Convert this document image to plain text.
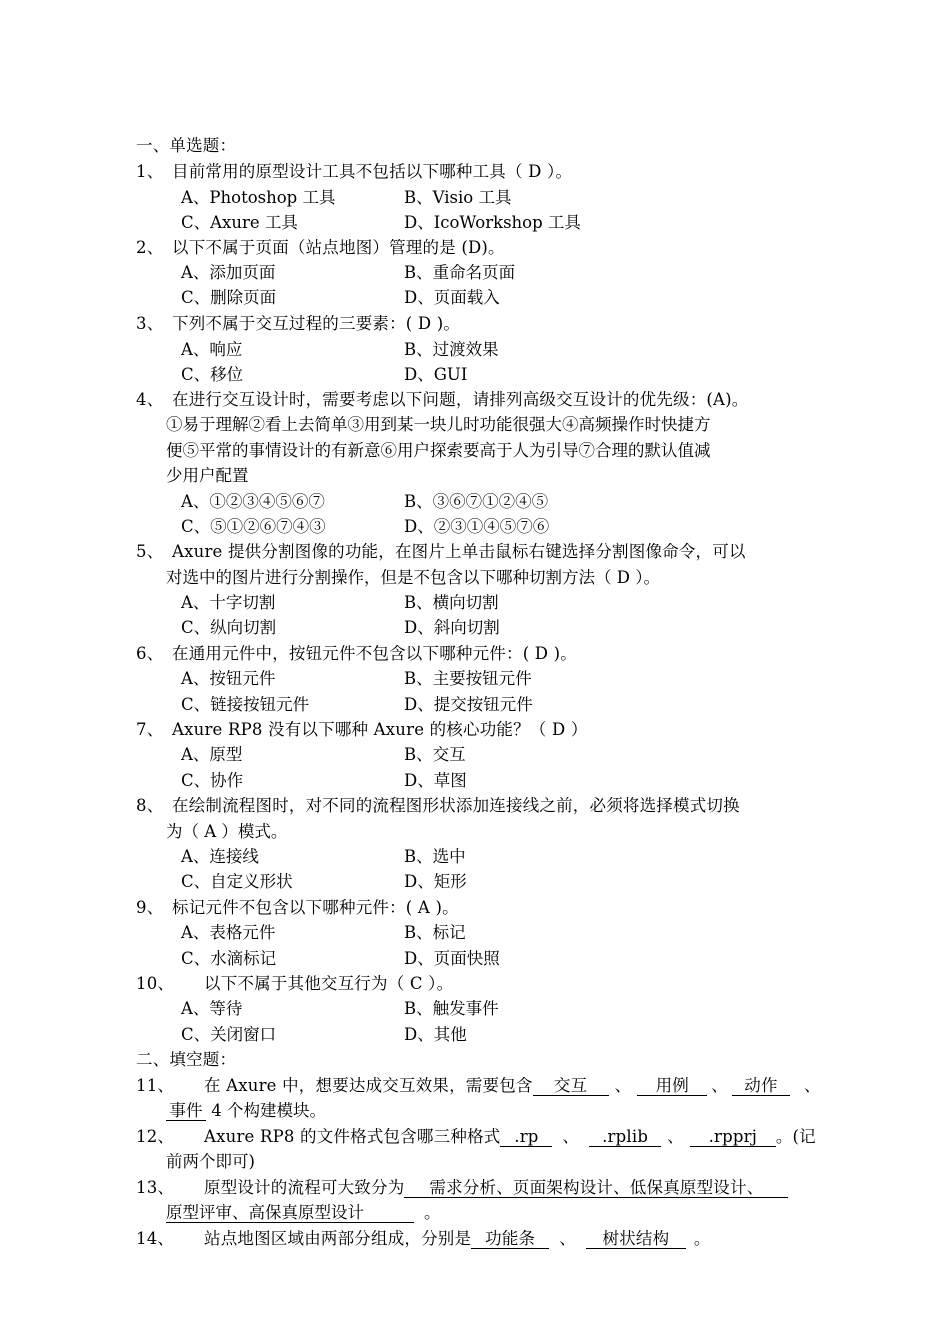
一、单选题：
1、 目前常用的原型设计工具不包括以下哪种工具（ D ）。
A、Photoshop 工具	B、Visio 工具
C、Axure 工具	D、IcoWorkshop 工具
2、 以下不属于页面（站点地图）管理的是 (D)。
A、添加页面	B、重命名页面
C、删除页面	D、页面载入
3、 下列不属于交互过程的三要素：( D )。
A、响应	B、过渡效果
C、移位	D、GUI
4、 在进行交互设计时，需要考虑以下问题，请排列高级交互设计的优先级：(A)。
①易于理解②看上去简单③用到某一块儿时功能很强大④高频操作时快捷方
便⑤平常的事情设计的有新意⑥用户探索要高于人为引导⑦合理的默认值减
少用户配置
A、①②③④⑤⑥⑦	B、③⑥⑦①②④⑤
C、⑤①②⑥⑦④③	D、②③①④⑤⑦⑥
5、 Axure 提供分割图像的功能，在图片上单击鼠标右键选择分割图像命令，可以
对选中的图片进行分割操作，但是不包含以下哪种切割方法（ D ）。
A、十字切割	B、横向切割
C、纵向切割	D、斜向切割
6、 在通用元件中，按钮元件不包含以下哪种元件：( D )。
A、按钮元件	B、主要按钮元件
C、链接按钮元件	D、提交按钮元件
7、 Axure RP8 没有以下哪种 Axure 的核心功能？（ D ）
A、原型	B、交互
C、协作	D、草图
8、 在绘制流程图时，对不同的流程图形状添加连接线之前，必须将选择模式切换
为（ A ）模式。
A、连接线	B、选中
C、自定义形状	D、矩形
9、 标记元件不包含以下哪种元件：( A )。
A、表格元件	B、标记
C、水滴标记	D、页面快照
10、 以下不属于其他交互行为（ C ）。
A、等待	B、触发事件
C、关闭窗口	D、其他
二、填空题：
11、 在 Axure 中，想要达成交互效果，需要包含 交互 、 用例 、 动作 、
事件 4 个构建模块。
12、 Axure RP8 的文件格式包含哪三种格式 .rp 、 .rplib 、 .rpprj 。(记
前两个即可)
13、 原型设计的流程可大致分为 需求分析、页面架构设计、低保真原型设计、
原型评审、高保真原型设计	。
14、 站点地图区域由两部分组成，分别是 功能条 、 树状结构 。
